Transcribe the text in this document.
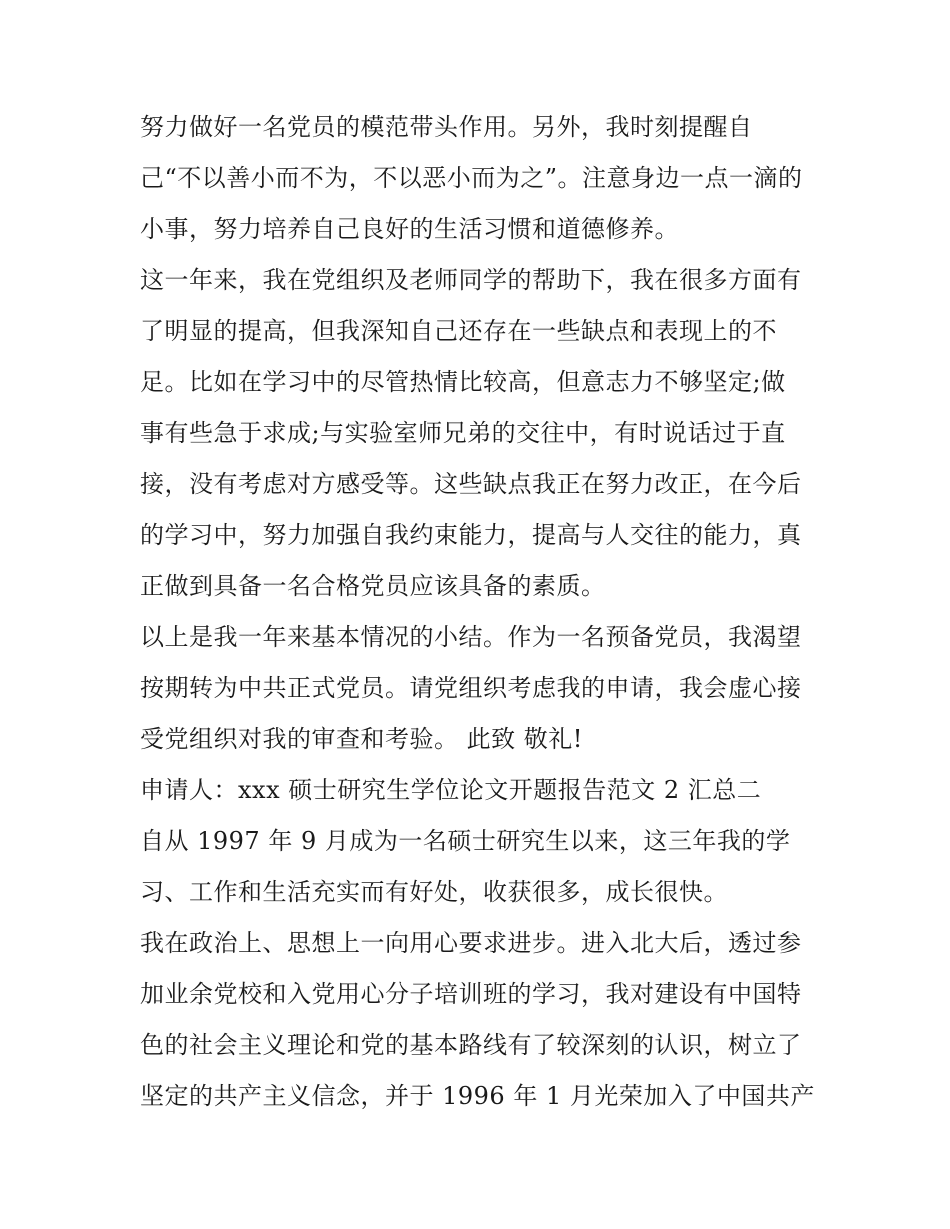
努力做好一名党员的模范带头作用。另外，我时刻提醒自
己“不以善小而不为，不以恶小而为之”。注意身边一点一滴的
小事，努力培养自己良好的生活习惯和道德修养。
这一年来，我在党组织及老师同学的帮助下，我在很多方面有
了明显的提高，但我深知自己还存在一些缺点和表现上的不
足。比如在学习中的尽管热情比较高，但意志力不够坚定;做
事有些急于求成;与实验室师兄弟的交往中，有时说话过于直
接，没有考虑对方感受等。这些缺点我正在努力改正，在今后
的学习中，努力加强自我约束能力，提高与人交往的能力，真
正做到具备一名合格党员应该具备的素质。
以上是我一年来基本情况的小结。作为一名预备党员，我渴望
按期转为中共正式党员。请党组织考虑我的申请，我会虚心接
受党组织对我的审查和考验。 此致 敬礼!
申请人：xxx 硕士研究生学位论文开题报告范文 2 汇总二
自从 1997 年 9 月成为一名硕士研究生以来，这三年我的学
习、工作和生活充实而有好处，收获很多，成长很快。
我在政治上、思想上一向用心要求进步。进入北大后，透过参
加业余党校和入党用心分子培训班的学习，我对建设有中国特
色的社会主义理论和党的基本路线有了较深刻的认识，树立了
坚定的共产主义信念，并于 1996 年 1 月光荣加入了中国共产
